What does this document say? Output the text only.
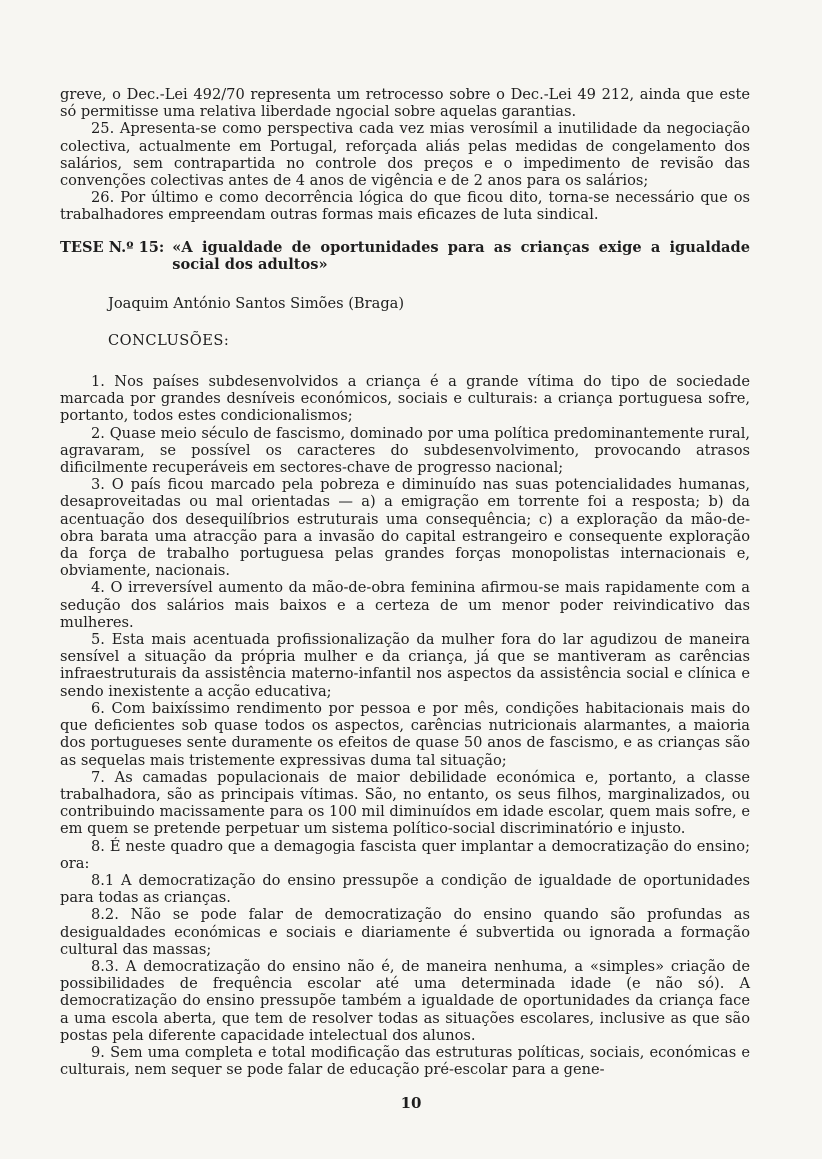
greve, o Dec.-Lei 492/70 representa um retrocesso sobre o Dec.-Lei 49 212, ainda que este só permitisse uma relativa liberdade ngocial sobre aquelas garantias.

25. Apresenta-se como perspectiva cada vez mias verosímil a inutilidade da negociação colectiva, actualmente em Portugal, reforçada aliás pelas medidas de congelamento dos salários, sem contrapartida no controle dos preços e o impedimento de revisão das convenções colectivas antes de 4 anos de vigência e de 2 anos para os salários;

26. Por último e como decorrência lógica do que ficou dito, torna-se necessário que os trabalhadores empreendam outras formas mais eficazes de luta sindical.

TESE N.º 15: «A igualdade de oportunidades para as crianças exige a igualdade social dos adultos»
Joaquim António Santos Simões (Braga)
CONCLUSÕES:

1. Nos países subdesenvolvidos a criança é a grande vítima do tipo de sociedade marcada por grandes desníveis económicos, sociais e culturais: a criança portuguesa sofre, portanto, todos estes condicionalismos;

2. Quase meio século de fascismo, dominado por uma política predominantemente rural, agravaram, se possível os caracteres do subdesenvolvimento, provocando atrasos dificilmente recuperáveis em sectores-chave de progresso nacional;

3. O país ficou marcado pela pobreza e diminuído nas suas potencialidades humanas, desaproveitadas ou mal orientadas — a) a emigração em torrente foi a resposta; b) da acentuação dos desequilíbrios estruturais uma consequência; c) a exploração da mão-de-obra barata uma atracção para a invasão do capital estrangeiro e consequente exploração da força de trabalho portuguesa pelas grandes forças monopolistas internacionais e, obviamente, nacionais.

4. O irreversível aumento da mão-de-obra feminina afirmou-se mais rapidamente com a sedução dos salários mais baixos e a certeza de um menor poder reivindicativo das mulheres.

5. Esta mais acentuada profissionalização da mulher fora do lar agudizou de maneira sensível a situação da própria mulher e da criança, já que se mantiveram as carências infraestruturais da assistência materno-infantil nos aspectos da assistência social e clínica e sendo inexistente a acção educativa;

6. Com baixíssimo rendimento por pessoa e por mês, condições habitacionais mais do que deficientes sob quase todos os aspectos, carências nutricionais alarmantes, a maioria dos portugueses sente duramente os efeitos de quase 50 anos de fascismo, e as crianças são as sequelas mais tristemente expressivas duma tal situação;

7. As camadas populacionais de maior debilidade económica e, portanto, a classe trabalhadora, são as principais vítimas. São, no entanto, os seus filhos, marginalizados, ou contribuindo macissamente para os 100 mil diminuídos em idade escolar, quem mais sofre, e em quem se pretende perpetuar um sistema político-social discriminatório e injusto.

8. É neste quadro que a demagogia fascista quer implantar a democratização do ensino; ora:

8.1 A democratização do ensino pressupõe a condição de igualdade de oportunidades para todas as crianças.

8.2. Não se pode falar de democratização do ensino quando são profundas as desigualdades económicas e sociais e diariamente é subvertida ou ignorada a formação cultural das massas;

8.3. A democratização do ensino não é, de maneira nenhuma, a «simples» criação de possibilidades de frequência escolar até uma determinada idade (e não só). A democratização do ensino pressupõe também a igualdade de oportunidades da criança face a uma escola aberta, que tem de resolver todas as situações escolares, inclusive as que são postas pela diferente capacidade intelectual dos alunos.

9. Sem uma completa e total modificação das estruturas políticas, sociais, económicas e culturais, nem sequer se pode falar de educação pré-escolar para a gene-

10
